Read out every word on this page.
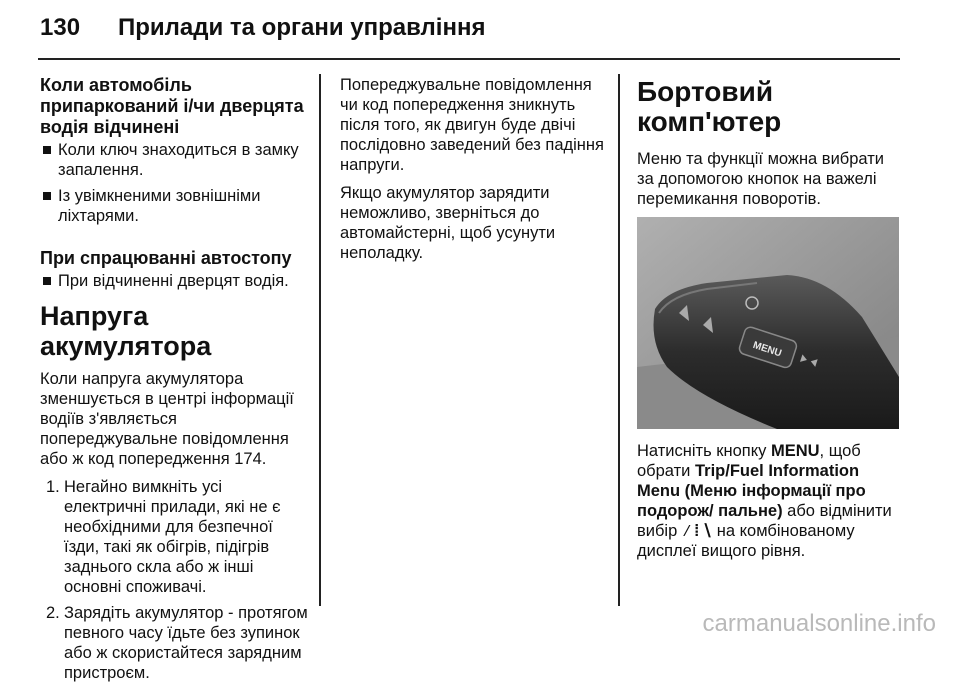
130 Прилади та органи управління
Коли автомобіль припаркований і/чи дверцята водія відчинені
Коли ключ знаходиться в замку запалення.
Із увімкненими зовнішніми ліхтарями.
При спрацюванні автостопу
При відчиненні дверцят водія.
Напруга акумулятора

Коли напруга акумулятора зменшується в центрі інформації водіїв з'являється попереджувальне повідомлення або ж код попередження 174.

1. Негайно вимкніть усі електричні прилади, які не є необхідними для безпечної їзди, такі як обігрів, підігрів заднього скла або ж інші основні споживачі.
2. Зарядіть акумулятор - протягом певного часу їдьте без зупинок або ж скористайтеся зарядним пристроєм.

Попереджувальне повідомлення чи код попередження зникнуть після того, як двигун буде двічі послідовно заведений без падіння напруги.

Якщо акумулятор зарядити неможливо, зверніться до автомайстерні, щоб усунути неполадку.

Бортовий комп'ютер

Меню та функції можна вибрати за допомогою кнопок на важелі перемикання поворотів.

MENU

Натисніть кнопку MENU, щоб обрати Trip/Fuel Information Menu (Меню інформації про подорож/ пальне) або відмінити вибір ⁄⁞∖ на комбінованому дисплеї вищого рівня.

carmanualsonline.info
